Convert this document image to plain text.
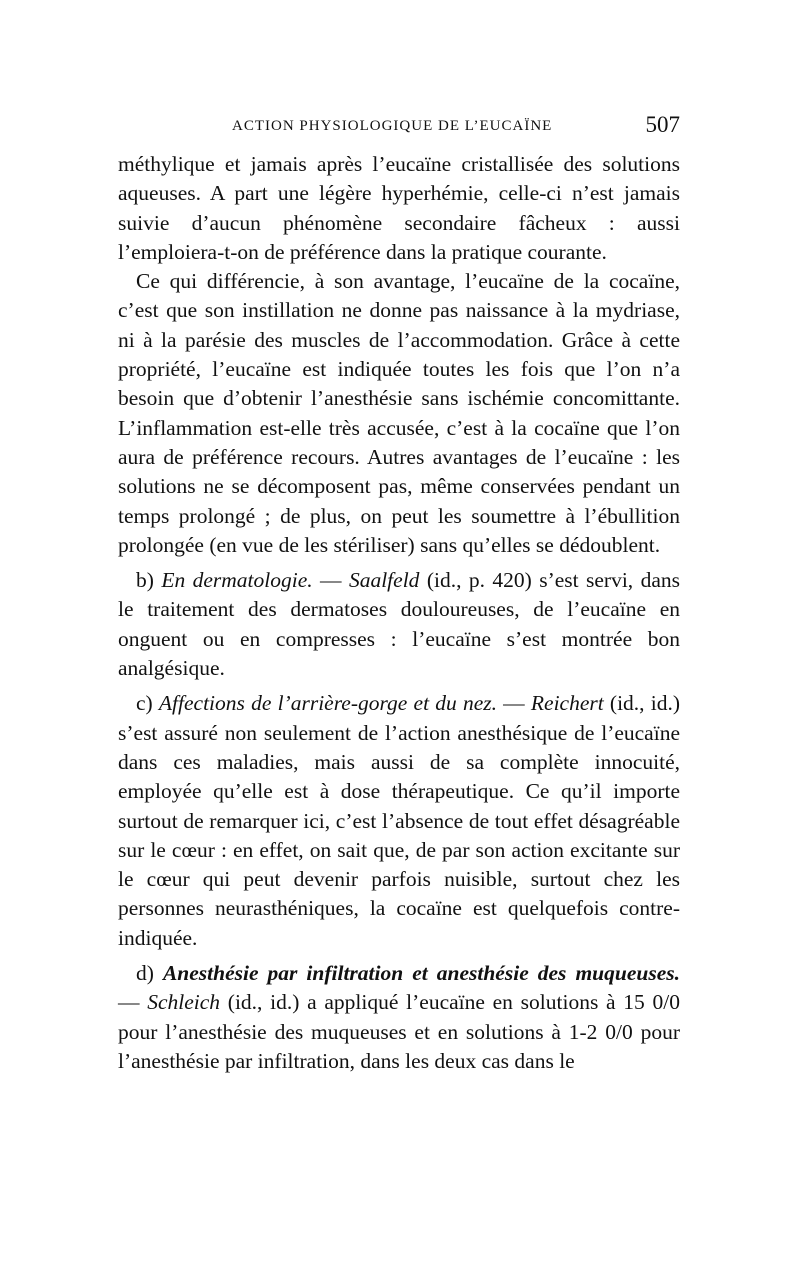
ACTION PHYSIOLOGIQUE DE L’EUCAÏNE	507

méthylique et jamais après l’eucaïne cristallisée des solutions aqueuses. A part une légère hyperhémie, celle-ci n’est jamais suivie d’aucun phénomène secondaire fâcheux : aussi l’emploiera-t-on de préférence dans la pratique courante.

Ce qui différencie, à son avantage, l’eucaïne de la cocaïne, c’est que son instillation ne donne pas naissance à la mydriase, ni à la parésie des muscles de l’accommodation. Grâce à cette propriété, l’eucaïne est indiquée toutes les fois que l’on n’a besoin que d’obtenir l’anesthésie sans ischémie concomittante. L’inflammation est-elle très accusée, c’est à la cocaïne que l’on aura de préférence recours. Autres avantages de l’eucaïne : les solutions ne se décomposent pas, même conservées pendant un temps prolongé ; de plus, on peut les soumettre à l’ébullition prolongée (en vue de les stériliser) sans qu’elles se dédoublent.

b) En dermatologie. — Saalfeld (id., p. 420) s’est servi, dans le traitement des dermatoses douloureuses, de l’eucaïne en onguent ou en compresses : l’eucaïne s’est montrée bon analgésique.

c) Affections de l’arrière-gorge et du nez. — Reichert (id., id.) s’est assuré non seulement de l’action anesthésique de l’eucaïne dans ces maladies, mais aussi de sa complète innocuité, employée qu’elle est à dose thérapeutique. Ce qu’il importe surtout de remarquer ici, c’est l’absence de tout effet désagréable sur le cœur : en effet, on sait que, de par son action excitante sur le cœur qui peut devenir parfois nuisible, surtout chez les personnes neurasthéniques, la cocaïne est quelquefois contre-indiquée.

d) Anesthésie par infiltration et anesthésie des muqueuses. — Schleich (id., id.) a appliqué l’eucaïne en solutions à 15 0/0 pour l’anesthésie des muqueuses et en solutions à 1-2 0/0 pour l’anesthésie par infiltration, dans les deux cas dans le
